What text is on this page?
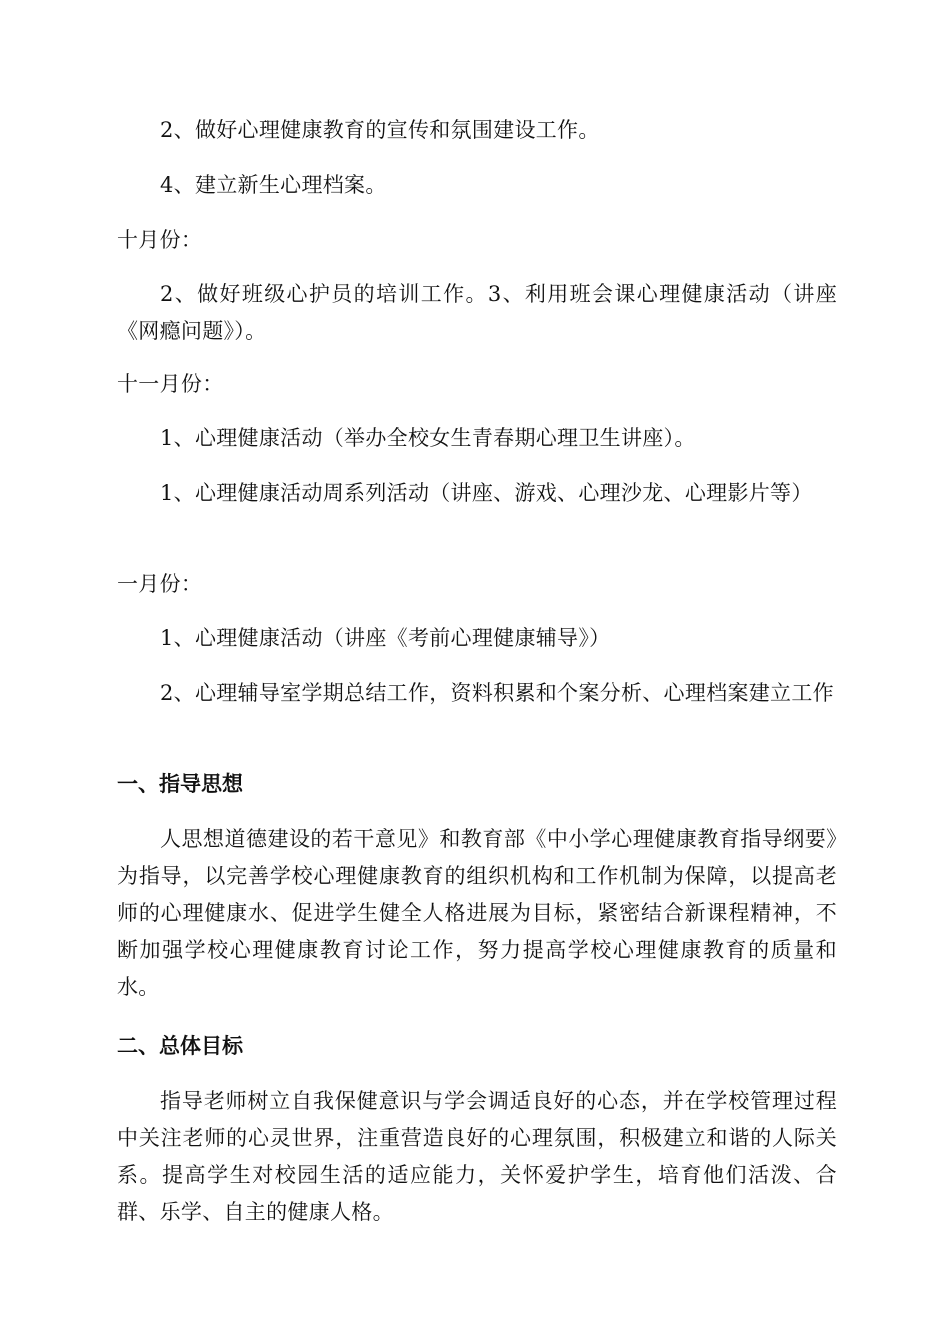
2、做好心理健康教育的宣传和氛围建设工作。
4、建立新生心理档案。
十月份：
2、做好班级心护员的培训工作。3、利用班会课心理健康活动（讲座《网瘾问题》）。
十一月份：
1、心理健康活动（举办全校女生青春期心理卫生讲座）。
1、心理健康活动周系列活动（讲座、游戏、心理沙龙、心理影片等）
一月份：
1、心理健康活动（讲座《考前心理健康辅导》）
2、心理辅导室学期总结工作，资料积累和个案分析、心理档案建立工作
一、指导思想
人思想道德建设的若干意见》和教育部《中小学心理健康教育指导纲要》为指导，以完善学校心理健康教育的组织机构和工作机制为保障，以提高老师的心理健康水、促进学生健全人格进展为目标，紧密结合新课程精神，不断加强学校心理健康教育讨论工作，努力提高学校心理健康教育的质量和水。
二、总体目标
指导老师树立自我保健意识与学会调适良好的心态，并在学校管理过程中关注老师的心灵世界，注重营造良好的心理氛围，积极建立和谐的人际关系。提高学生对校园生活的适应能力，关怀爱护学生，培育他们活泼、合群、乐学、自主的健康人格。
